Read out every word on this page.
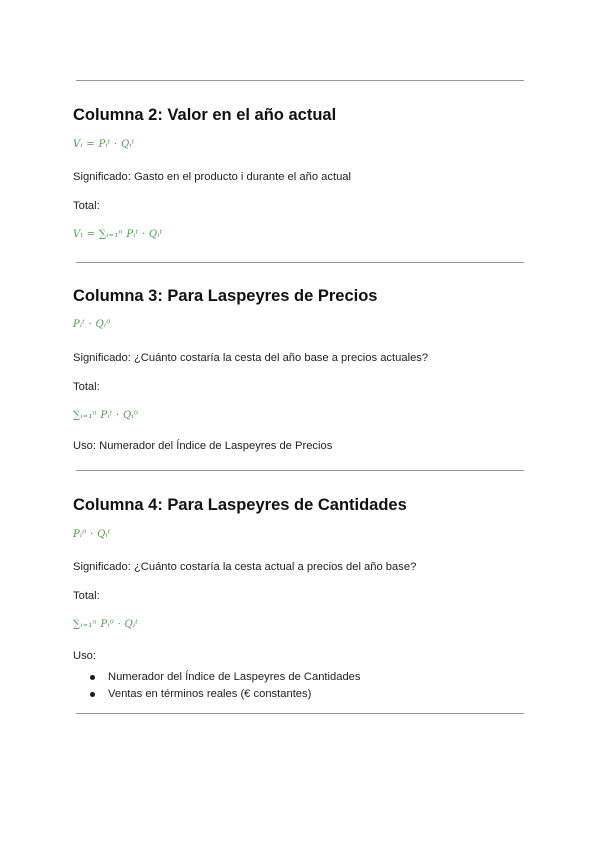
Columna 2: Valor en el año actual
Vᵢ = Pᵢᵗ · Qᵢᵗ
Significado: Gasto en el producto i durante el año actual
Total:
Vₜ = ∑ᵢ₌₁ⁿ Pᵢᵗ · Qᵢᵗ
Columna 3: Para Laspeyres de Precios
Pᵢᵗ · Qᵢ⁰
Significado: ¿Cuánto costaría la cesta del año base a precios actuales?
Total:
∑ᵢ₌₁ⁿ Pᵢᵗ · Qᵢ⁰
Uso: Numerador del Índice de Laspeyres de Precios
Columna 4: Para Laspeyres de Cantidades
Pᵢ⁰ · Qᵢᵗ
Significado: ¿Cuánto costaría la cesta actual a precios del año base?
Total:
∑ᵢ₌₁ⁿ Pᵢ⁰ · Qᵢᵗ
Uso:
Numerador del Índice de Laspeyres de Cantidades
Ventas en términos reales (€ constantes)
